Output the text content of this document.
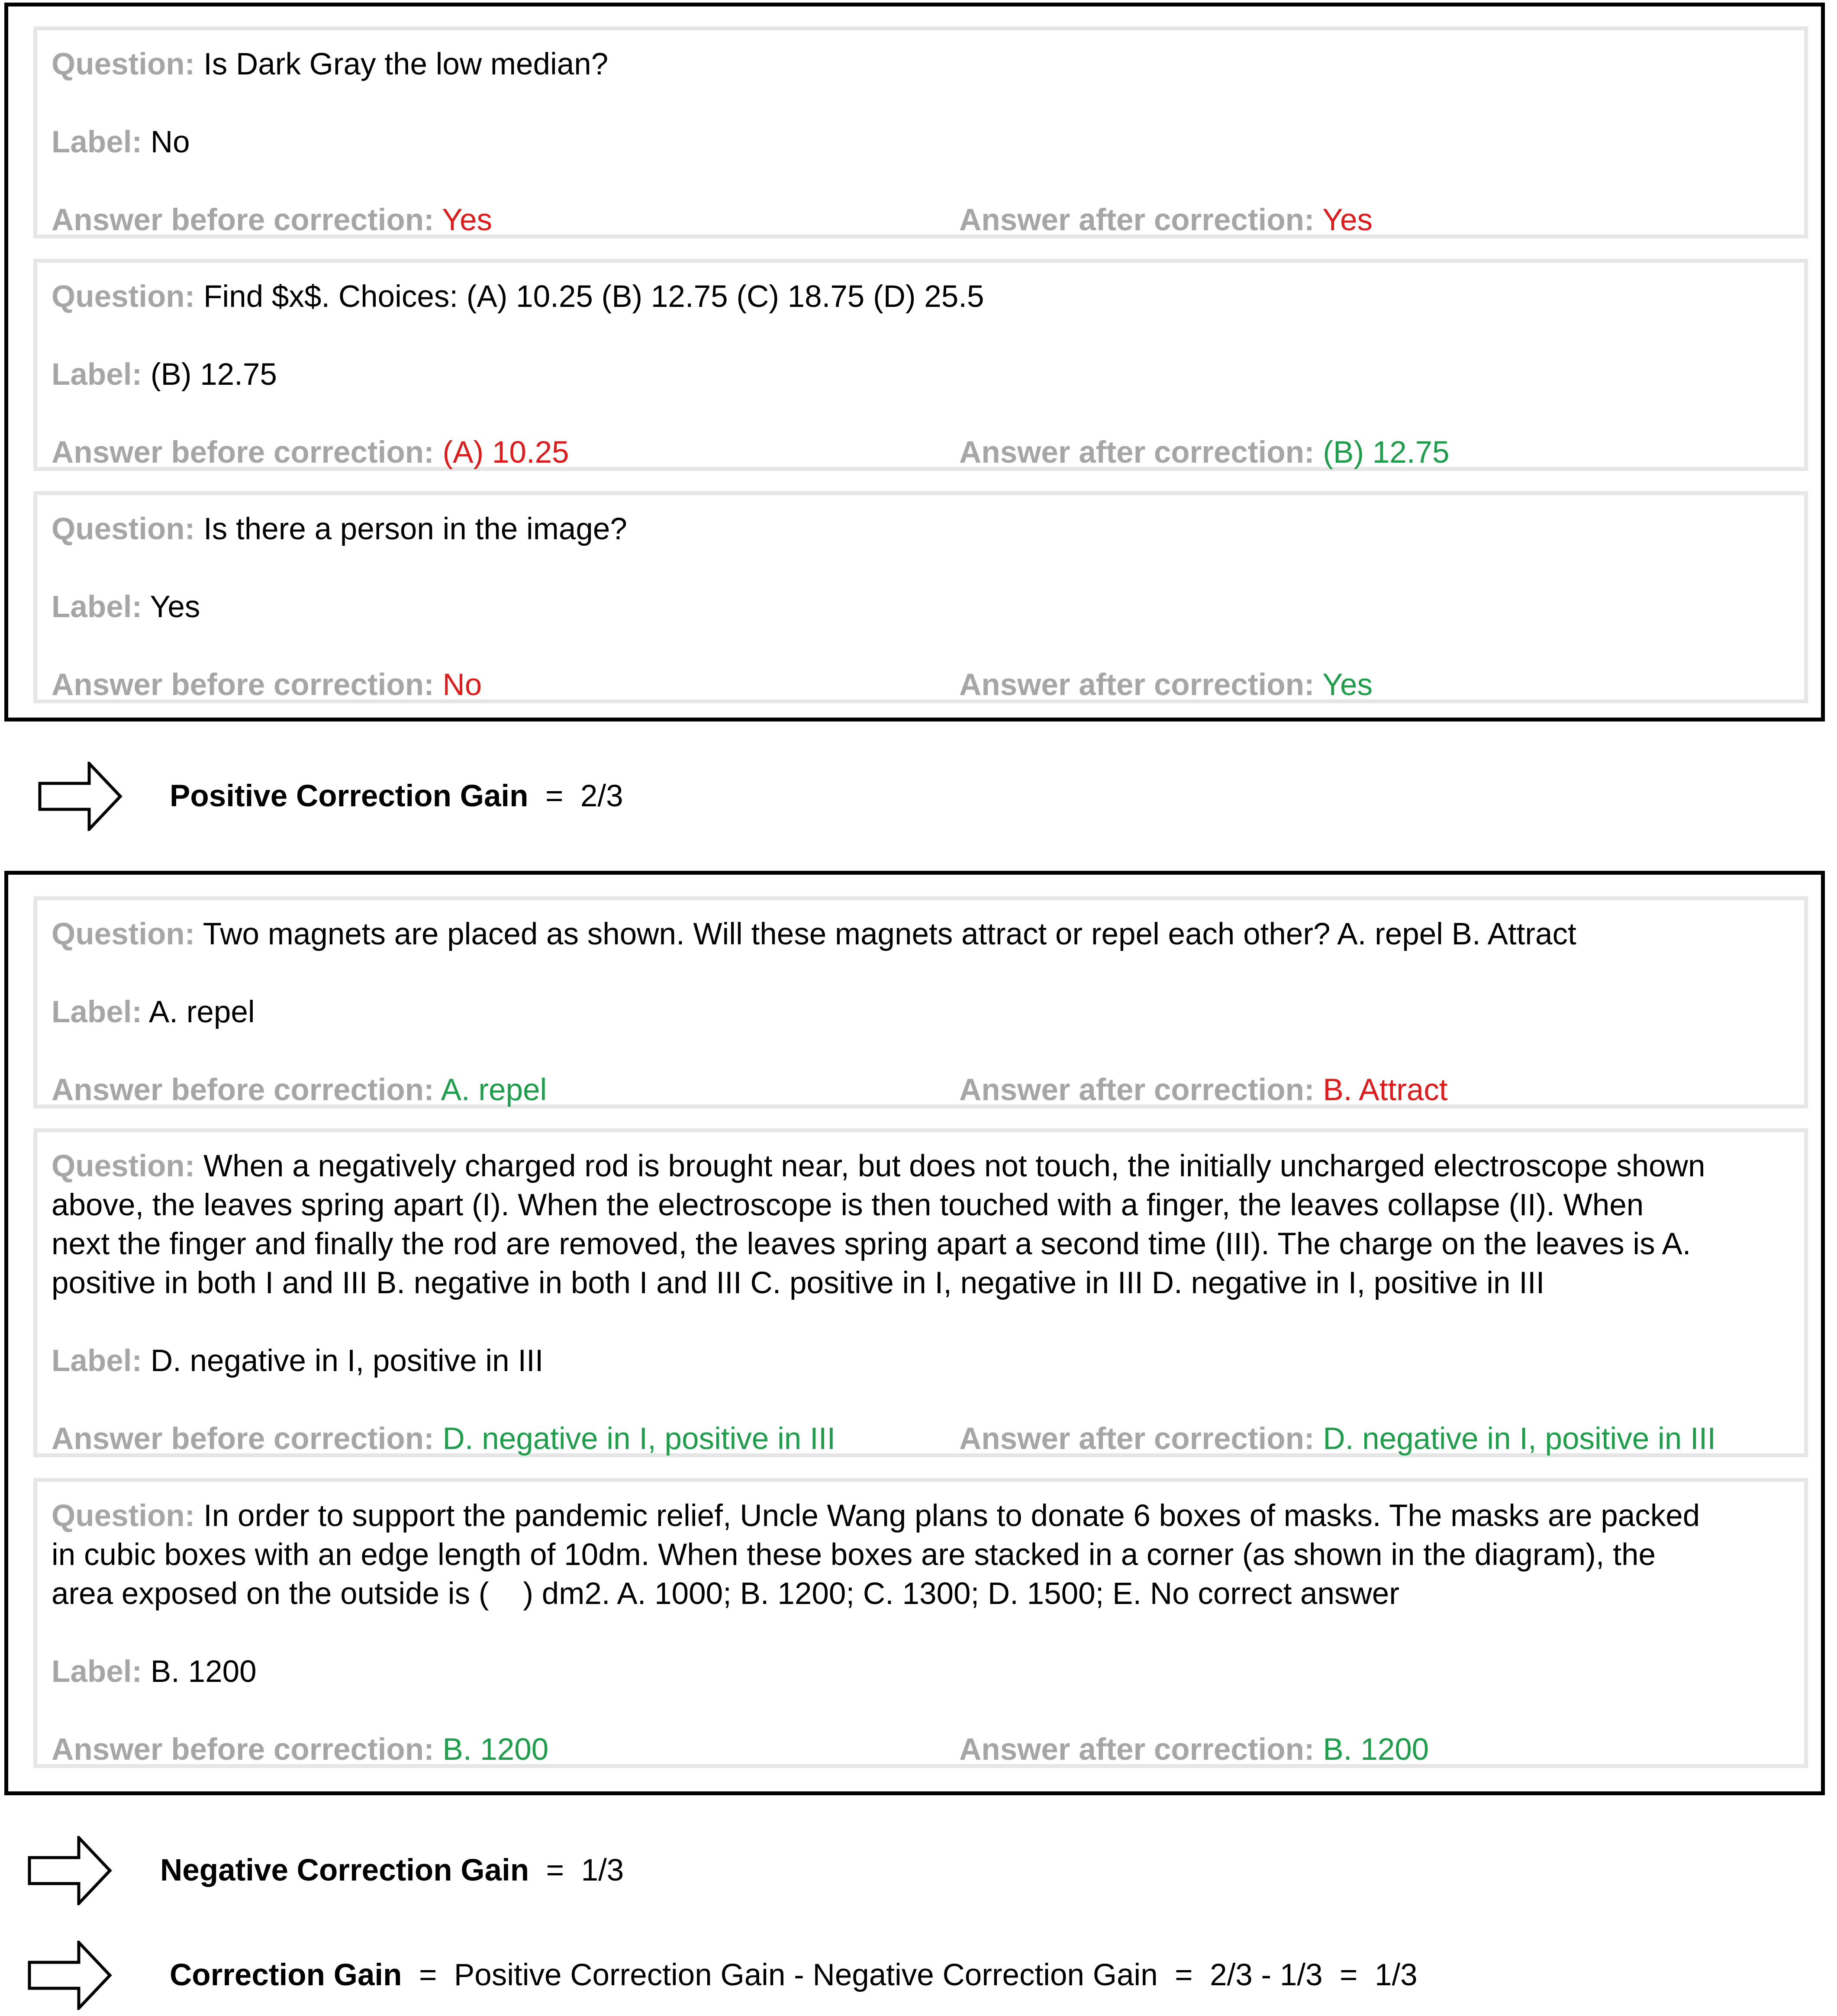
Question: Is Dark Gray the low median?

Label: No

Answer before correction: Yes	Answer after correction: Yes

Question: Find $x$. Choices: (A) 10.25 (B) 12.75 (C) 18.75 (D) 25.5

Label: (B) 12.75

Answer before correction: (A) 10.25	Answer after correction: (B) 12.75

Question: Is there a person in the image?

Label: Yes

Answer before correction: No	Answer after correction: Yes
Positive Correction Gain = 2/3

Question: Two magnets are placed as shown. Will these magnets attract or repel each other? A. repel B. Attract

Label: A. repel

Answer before correction: A. repel	Answer after correction: B. Attract
Question: When a negatively charged rod is brought near, but does not touch, the initially uncharged electroscope shown
above, the leaves spring apart (I). When the electroscope is then touched with a finger, the leaves collapse (II). When
next the finger and finally the rod are removed, the leaves spring apart a second time (III). The charge on the leaves is A.
positive in both I and III B. negative in both I and III C. positive in I, negative in III D. negative in I, positive in III

Label: D. negative in I, positive in III

Answer before correction: D. negative in I, positive in III	Answer after correction: D. negative in I, positive in III
Question: In order to support the pandemic relief, Uncle Wang plans to donate 6 boxes of masks. The masks are packed
in cubic boxes with an edge length of 10dm. When these boxes are stacked in a corner (as shown in the diagram), the
area exposed on the outside is (    ) dm2. A. 1000; B. 1200; C. 1300; D. 1500; E. No correct answer

Label: B. 1200

Answer before correction: B. 1200	Answer after correction: B. 1200
Negative Correction Gain = 1/3
Correction Gain = Positive Correction Gain - Negative Correction Gain = 2/3 - 1/3 = 1/3
